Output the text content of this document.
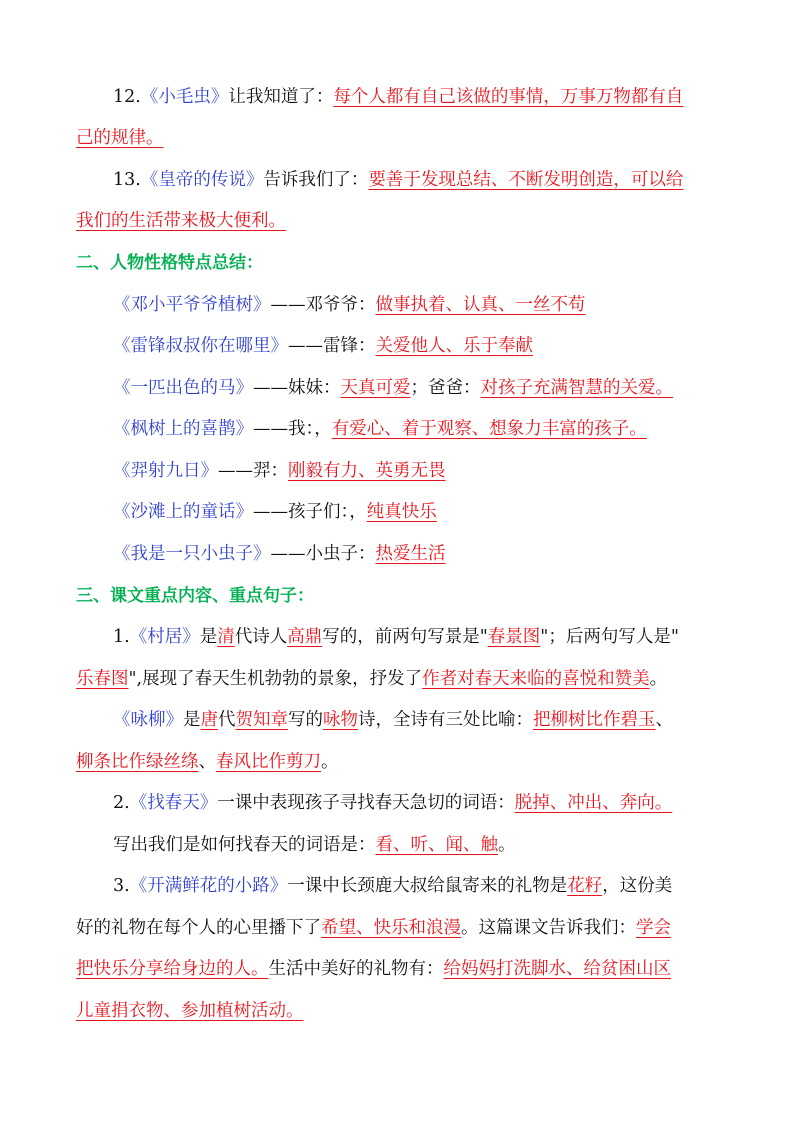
12.《小毛虫》让我知道了：每个人都有自己该做的事情，万事万物都有自

己的规律。

13.《皇帝的传说》告诉我们了：要善于发现总结、不断发明创造，可以给

我们的生活带来极大便利。

二、人物性格特点总结：

《邓小平爷爷植树》——邓爷爷：做事执着、认真、一丝不苟

《雷锋叔叔你在哪里》——雷锋：关爱他人、乐于奉献

《一匹出色的马》——妹妹：天真可爱；爸爸：对孩子充满智慧的关爱。

《枫树上的喜鹊》——我：，有爱心、着于观察、想象力丰富的孩子。

《羿射九日》——羿：刚毅有力、英勇无畏

《沙滩上的童话》——孩子们：，纯真快乐

《我是一只小虫子》——小虫子：热爱生活

三、课文重点内容、重点句子：

1.《村居》是清代诗人高鼎写的，前两句写景是"春景图"；后两句写人是"

乐春图",展现了春天生机勃勃的景象，抒发了作者对春天来临的喜悦和赞美。

《咏柳》是唐代贺知章写的咏物诗，全诗有三处比喻：把柳树比作碧玉、

柳条比作绿丝绦、春风比作剪刀。

2.《找春天》一课中表现孩子寻找春天急切的词语：脱掉、冲出、奔向。

写出我们是如何找春天的词语是：看、听、闻、触。

3.《开满鲜花的小路》一课中长颈鹿大叔给鼠寄来的礼物是花籽，这份美

好的礼物在每个人的心里播下了希望、快乐和浪漫。这篇课文告诉我们：学会

把快乐分享给身边的人。生活中美好的礼物有：给妈妈打洗脚水、给贫困山区

儿童捐衣物、参加植树活动。
